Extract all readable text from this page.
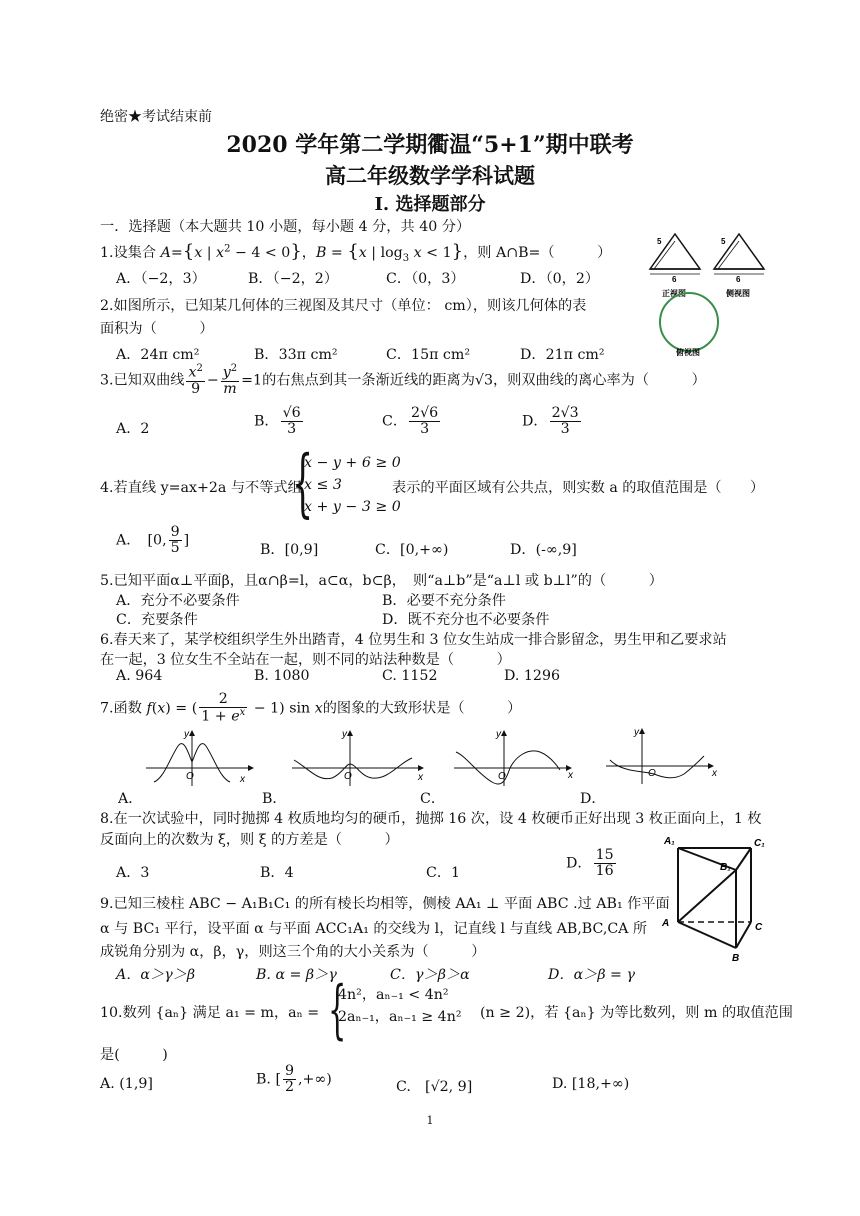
绝密★考试结束前
2020 学年第二学期衢温“5+1”期中联考
高二年级数学学科试题
Ⅰ. 选择题部分
一．选择题（本大题共 10 小题，每小题 4 分，共 40 分）
1.设集合 A={x | $x^2 - 4 < 0$}，B = {x | $\log_3 x < 1$}，则 A∩B=（　　　）
A．（−2，3）	B．（−2，2）	C．（0，3）	D．（0，2）
5
6
正视图
5
6
侧视图
俯视图
2.如图所示，已知某几何体的三视图及其尺寸（单位： cm），则该几何体的表
面积为（　　　）
A．24π cm²	B．33π cm²	C．15π cm²	D．21π cm²
3.已知双曲线 $\frac{x^2}{9} - \frac{y^2}{m} =1$的右焦点到其一条渐近线的距离为√3，则双曲线的离心率为（　　　）
A．2	B． $\frac{√6}{3}$	C． $\frac{2√6}{3}$	D． $\frac{2√3}{3}$
4.若直线 y=ax+2a 与不等式组
{
x − y + 6 ≥ 0
x ≤ 3
x + y − 3 ≥ 0
表示的平面区域有公共点，则实数 a 的取值范围是（　　）
A．　[0, $\frac{9}{5}$ ]
B．[0,9]	C．[0,+∞)	D．(-∞,9]
5.已知平面α⊥平面β，且α∩β=l，a⊂α，b⊂β，　则“a⊥b”是“a⊥l 或 b⊥l”的（　　　）
A．充分不必要条件	B．必要不充分条件
C．充要条件	D．既不充分也不必要条件
6.春天来了，某学校组织学生外出踏青，4 位男生和 3 位女生站成一排合影留念，男生甲和乙要求站
在一起，3 位女生不全站在一起，则不同的站法种数是（　　　）
A. 964	B. 1080	C. 1152	D. 1296
7.函数 f(x) = ( $\frac{2}{1 + e^x} - 1$) sin x的图象的大致形状是（　　　）
x
y
O	x
y
O	x
y
O	x
y
O
A．	B．	C．	D．
8.在一次试验中，同时抛掷 4 枚质地均匀的硬币，抛掷 16 次，设 4 枚硬币正好出现 3 枚正面向上，1 枚
反面向上的次数为 ξ，则 ξ 的方差是（　　　）
A．3	B．4	C．1
D． $\frac{15}{16}$
A₁	C₁
B₁
A	C
B
9.已知三棱柱 ABC − A₁B₁C₁ 的所有棱长均相等，侧棱 AA₁ ⊥ 平面 ABC .过 AB₁ 作平面
α 与 BC₁ 平行，设平面 α 与平面 ACC₁A₁ 的交线为 l，记直线 l 与直线 AB,BC,CA 所
成锐角分别为 α，β，γ，则这三个角的大小关系为（　　　）
A．α＞γ＞β	B. α = β＞γ	C．γ＞β＞α	D．α＞β = γ
10.数列 {aₙ} 满足 a₁ = m，aₙ = {
4n²，aₙ₋₁ < 4n²
2aₙ₋₁，aₙ₋₁ ≥ 4n² (n ≥ 2)，若 {aₙ} 为等比数列，则 m 的取值范围
是(　　　)
A. (1,9]	B. [ $\frac{9}{2}$ ,+∞)	C.　[√2, 9]	D. [18,+∞)
1
